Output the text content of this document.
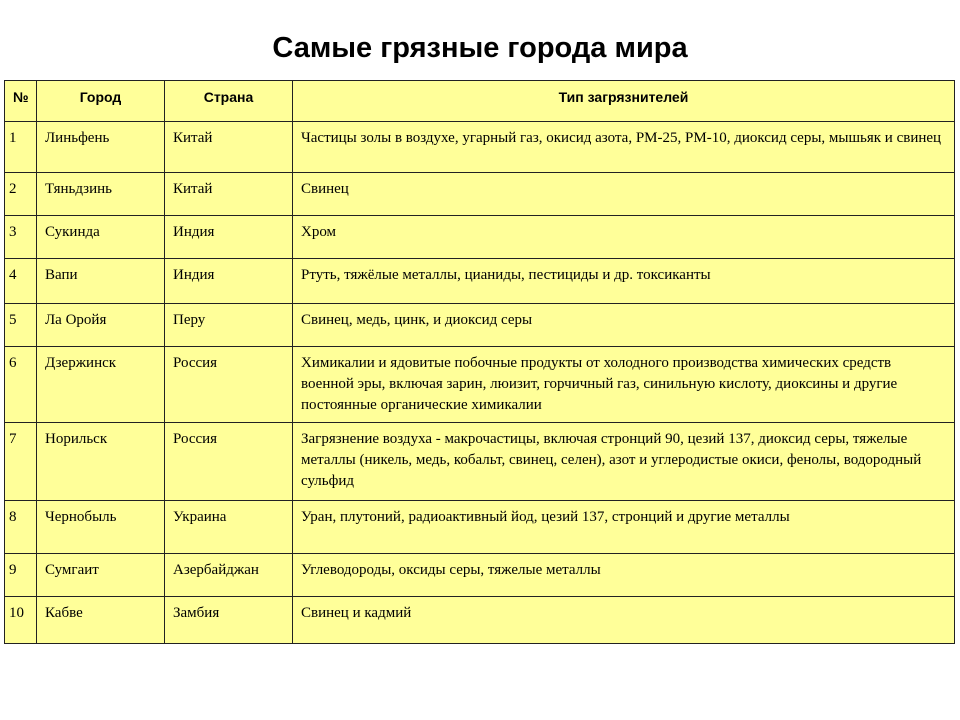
Самые грязные города мира
№	Город	Страна	Тип загрязнителей
1	Линьфень	Китай	Частицы золы в воздухе, угарный газ, окисид азота, PM-25, PM-10, диоксид серы, мышьяк и свинец
2	Тяньдзинь	Китай	Свинец
3	Сукинда	Индия	Хром
4	Вапи	Индия	Ртуть, тяжёлые металлы, цианиды, пестициды и др. токсиканты
5	Ла Оройя	Перу	Свинец, медь, цинк, и диоксид серы
6	Дзержинск	Россия	Химикалии и ядовитые побочные продукты от холодного производства химических средств военной эры, включая зарин, люизит, горчичный газ, синильную кислоту, диоксины и другие постоянные органические химикалии
7	Норильск	Россия	Загрязнение воздуха - макрочастицы, включая стронций 90, цезий 137, диоксид серы, тяжелые металлы (никель, медь, кобальт, свинец, селен), азот и углеродистые окиси, фенолы, водородный сульфид
8	Чернобыль	Украина	Уран, плутоний, радиоактивный йод, цезий 137, стронций и другие металлы
9	Сумгаит	Азербайджан	Углеводороды, оксиды серы, тяжелые металлы
10	Кабве	Замбия	Свинец и кадмий
